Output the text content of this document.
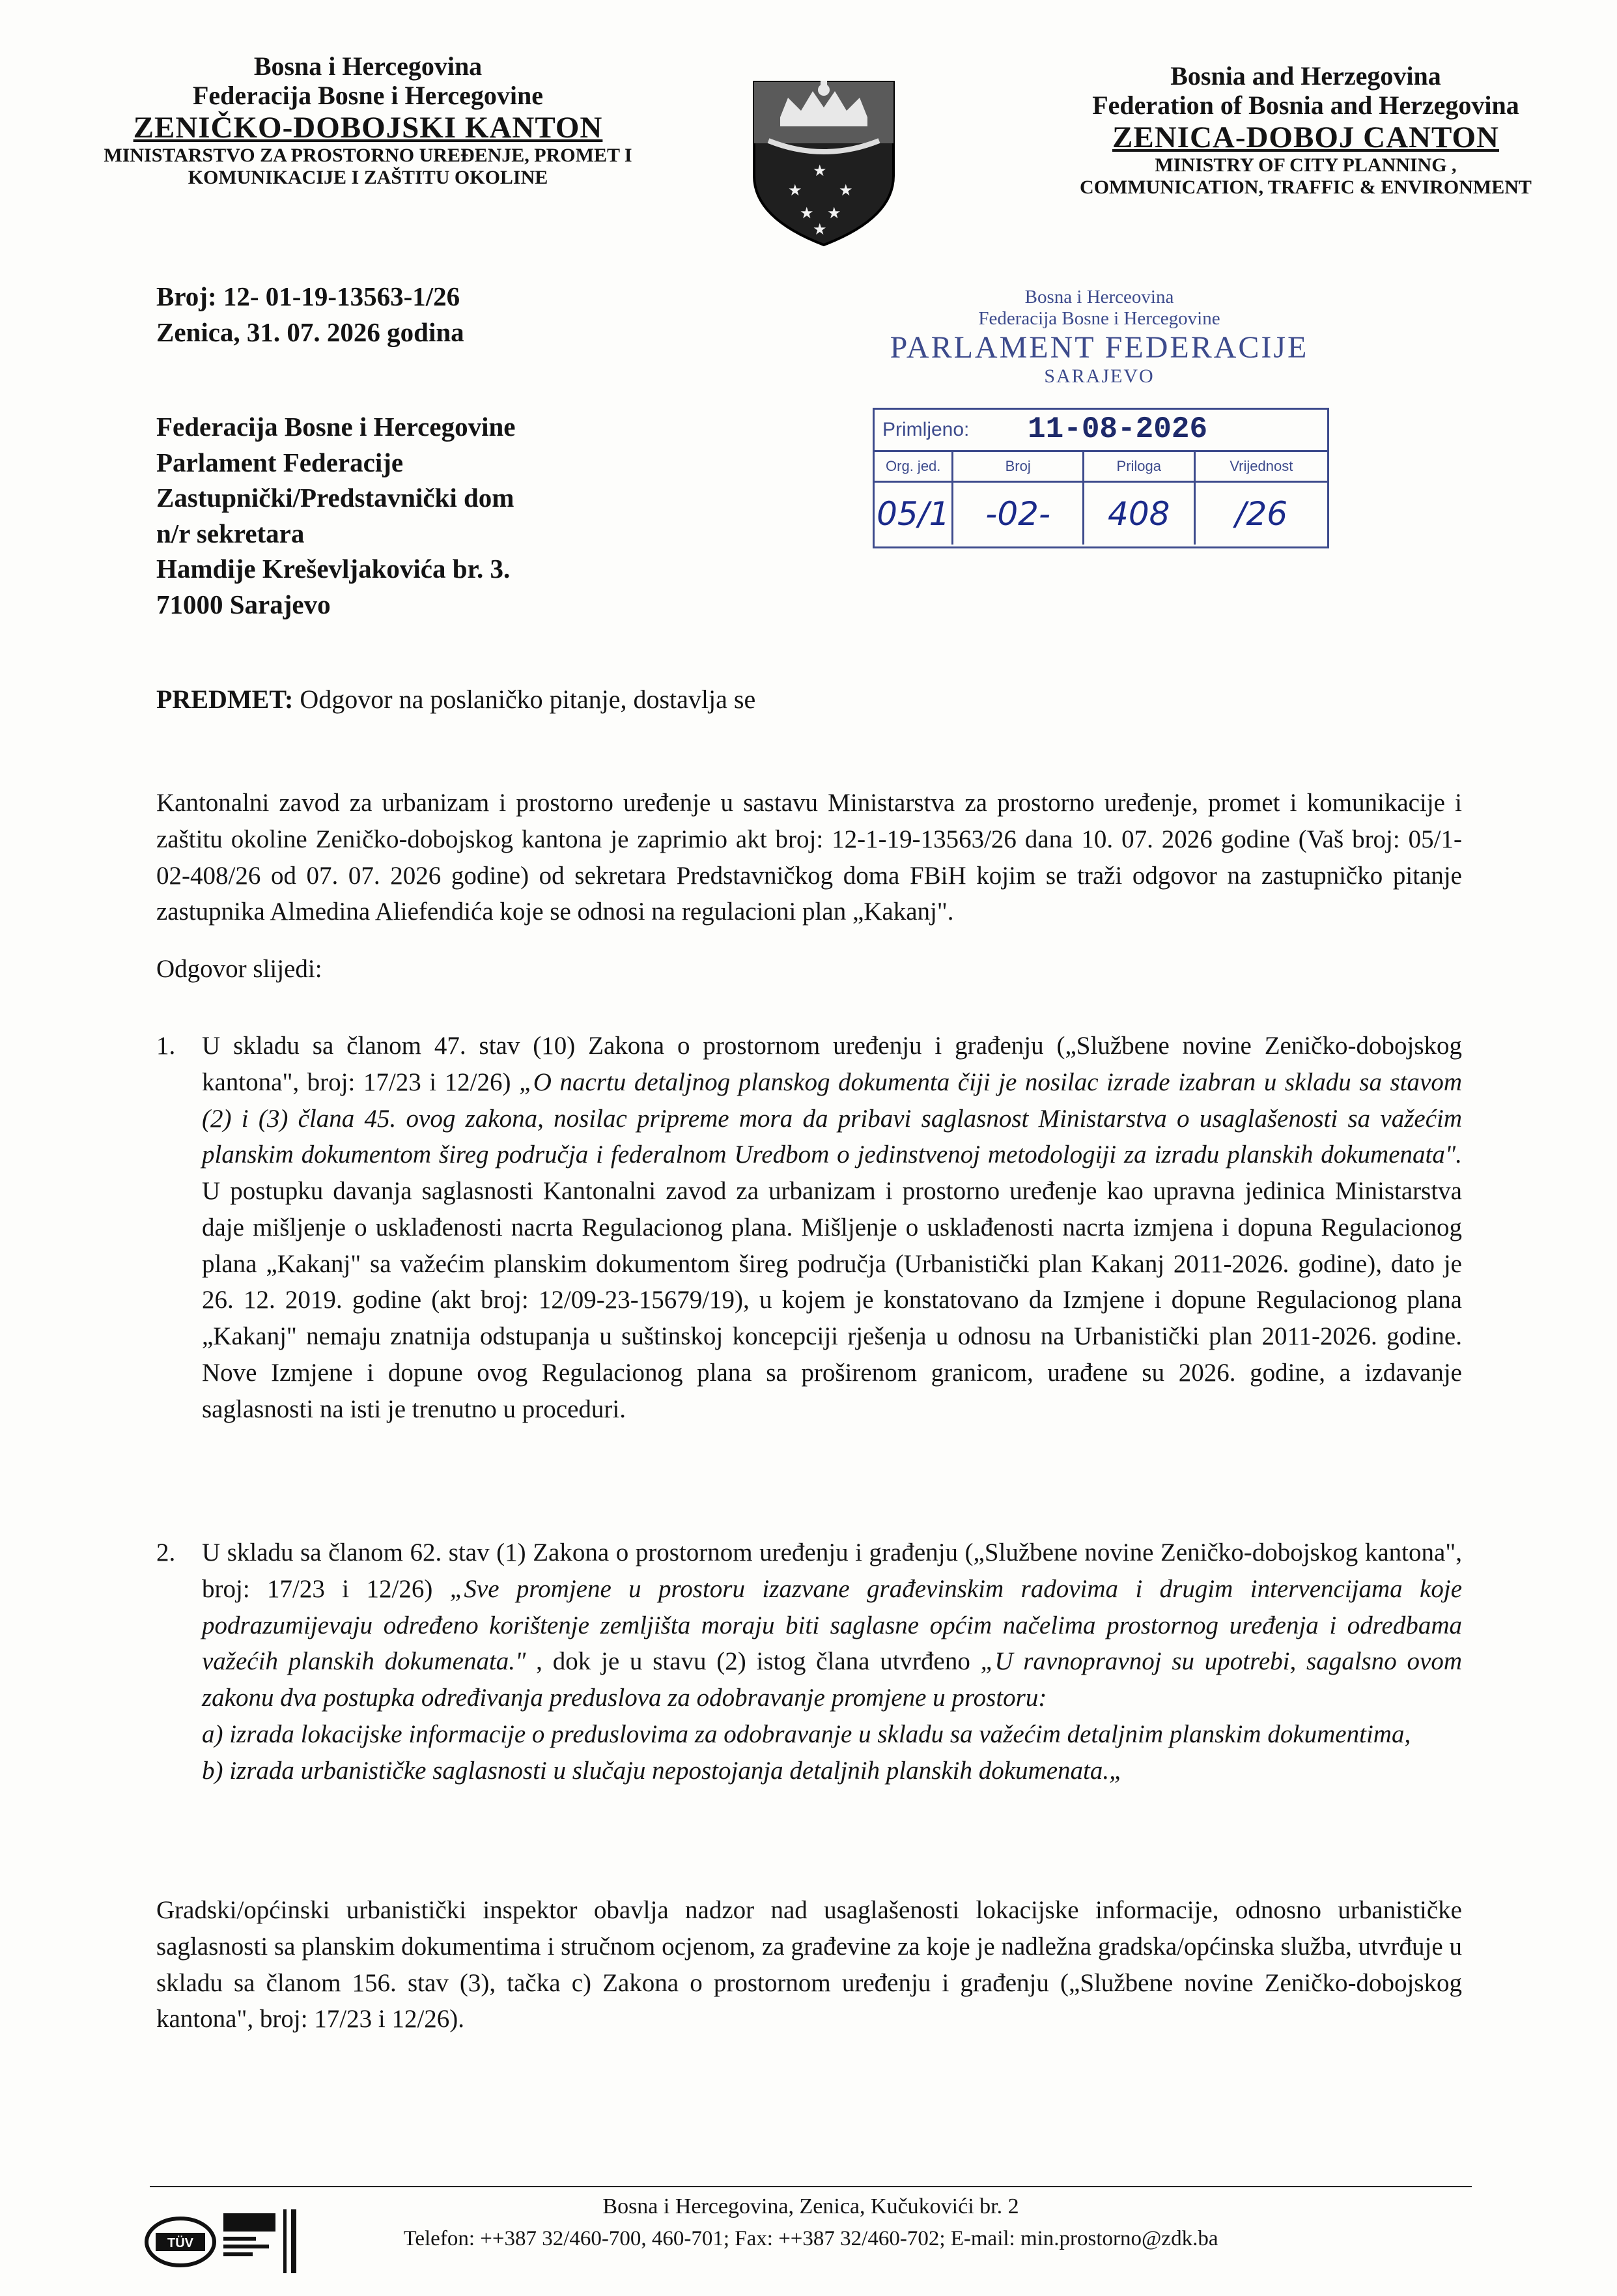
Bosna i Hercegovina
Federacija Bosne i Hercegovine
ZENIČKO-DOBOJSKI KANTON
MINISTARSTVO ZA PROSTORNO UREĐENJE, PROMET I
KOMUNIKACIJE I ZAŠTITU OKOLINE	★
★ ★
★ ★
★
Bosnia and Herzegovina
Federation of Bosnia and Herzegovina
ZENICA-DOBOJ CANTON
MINISTRY OF CITY PLANNING ,
COMMUNICATION, TRAFFIC & ENVIRONMENT
Broj: 12- 01-19-13563-1/26
Zenica, 31. 07. 2026 godina
Federacija Bosne i Hercegovine
Parlament Federacije
Zastupnički/Predstavnički dom
n/r sekretara
Hamdije Kreševljakovića br. 3.
71000 Sarajevo
Bosna i Herceovina
Federacija Bosne i Hercegovine
PARLAMENT FEDERACIJE
SARAJEVO
Primljeno: 11-08-2026
Org. jed.	Broj	Priloga	Vrijednost
05/1	-02-	408	/26
PREDMET: Odgovor na poslaničko pitanje, dostavlja se
Kantonalni zavod za urbanizam i prostorno uređenje u sastavu Ministarstva za prostorno uređenje, promet i komunikacije i zaštitu okoline Zeničko-dobojskog kantona je zaprimio akt broj: 12-1-19-13563/26 dana 10. 07. 2026 godine (Vaš broj: 05/1-02-408/26 od 07. 07. 2026 godine) od sekretara Predstavničkog doma FBiH kojim se traži odgovor na zastupničko pitanje zastupnika Almedina Aliefendića koje se odnosi na regulacioni plan „Kakanj".
Odgovor slijedi:
1. U skladu sa članom 47. stav (10) Zakona o prostornom uređenju i građenju („Službene novine Zeničko-dobojskog kantona", broj: 17/23 i 12/26) „O nacrtu detaljnog planskog dokumenta čiji je nosilac izrade izabran u skladu sa stavom (2) i (3) člana 45. ovog zakona, nosilac pripreme mora da pribavi saglasnost Ministarstva o usaglašenosti sa važećim planskim dokumentom šireg područja i federalnom Uredbom o jedinstvenoj metodologiji za izradu planskih dokumenata". U postupku davanja saglasnosti Kantonalni zavod za urbanizam i prostorno uređenje kao upravna jedinica Ministarstva daje mišljenje o usklađenosti nacrta Regulacionog plana. Mišljenje o usklađenosti nacrta izmjena i dopuna Regulacionog plana „Kakanj" sa važećim planskim dokumentom šireg područja (Urbanistički plan Kakanj 2011-2026. godine), dato je 26. 12. 2019. godine (akt broj: 12/09-23-15679/19), u kojem je konstatovano da Izmjene i dopune Regulacionog plana „Kakanj" nemaju znatnija odstupanja u suštinskoj koncepciji rješenja u odnosu na Urbanistički plan 2011-2026. godine. Nove Izmjene i dopune ovog Regulacionog plana sa proširenom granicom, urađene su 2026. godine, a izdavanje saglasnosti na isti je trenutno u proceduri.
2. U skladu sa članom 62. stav (1) Zakona o prostornom uređenju i građenju („Službene novine Zeničko-dobojskog kantona", broj: 17/23 i 12/26) „Sve promjene u prostoru izazvane građevinskim radovima i drugim intervencijama koje podrazumijevaju određeno korištenje zemljišta moraju biti saglasne općim načelima prostornog uređenja i odredbama važećih planskih dokumenata." , dok je u stavu (2) istog člana utvrđeno „U ravnopravnoj su upotrebi, sagalsno ovom zakonu dva postupka određivanja preduslova za odobravanje promjene u prostoru:
a) izrada lokacijske informacije o preduslovima za odobravanje u skladu sa važećim detaljnim planskim dokumentima,
b) izrada urbanističke saglasnosti u slučaju nepostojanja detaljnih planskih dokumenata.„
Gradski/općinski urbanistički inspektor obavlja nadzor nad usaglašenosti lokacijske informacije, odnosno urbanističke saglasnosti sa planskim dokumentima i stručnom ocjenom, za građevine za koje je nadležna gradska/općinska služba, utvrđuje u skladu sa članom 156. stav (3), tačka c) Zakona o prostornom uređenju i građenju („Službene novine Zeničko-dobojskog kantona", broj: 17/23 i 12/26).
TÜV
Bosna i Hercegovina, Zenica, Kučukovići br. 2
Telefon: ++387 32/460-700, 460-701; Fax: ++387 32/460-702; E-mail: min.prostorno@zdk.ba
